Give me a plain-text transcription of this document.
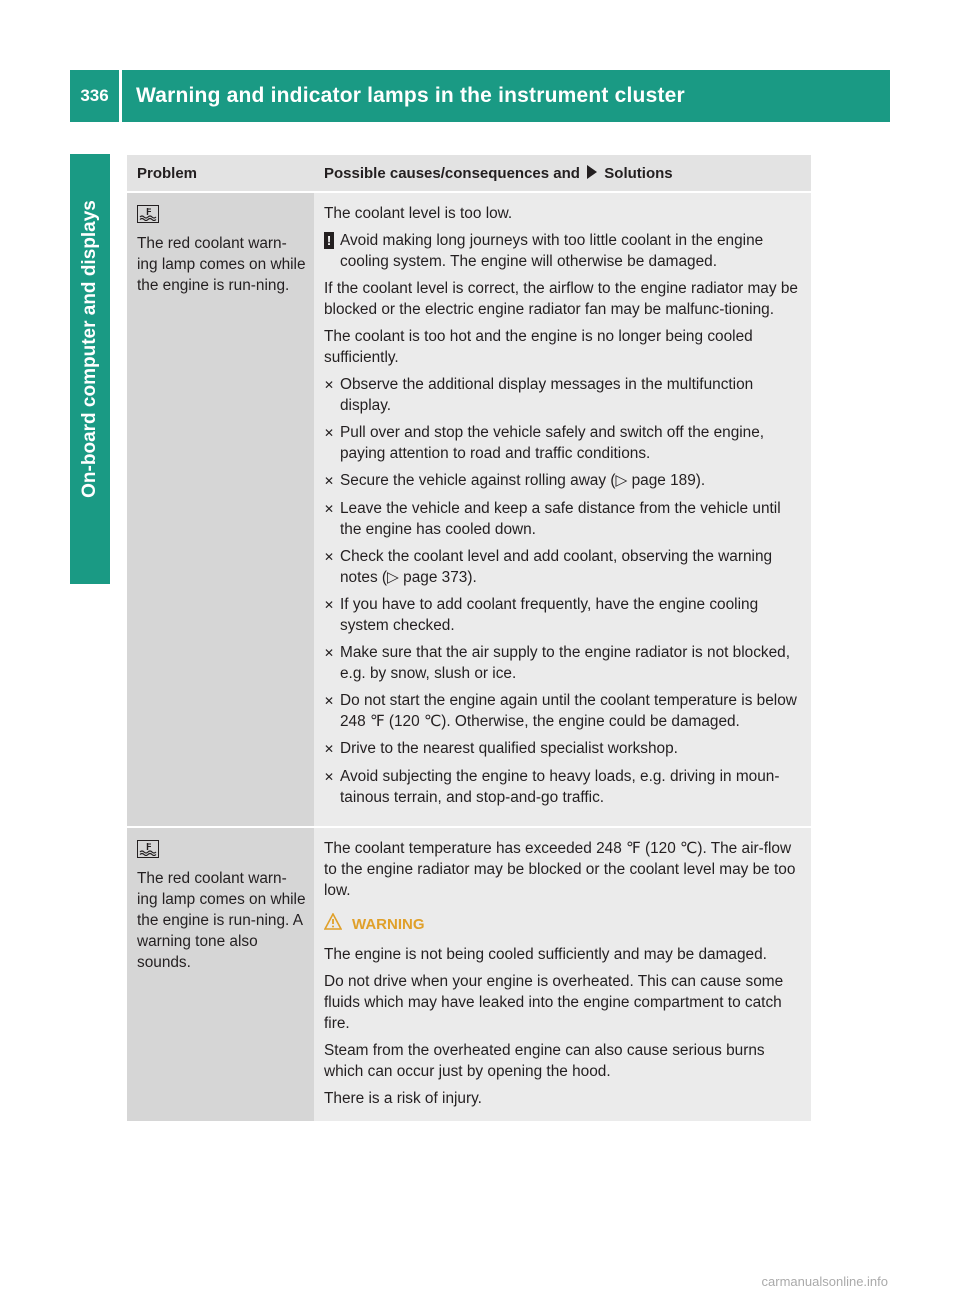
336	Warning and indicator lamps in the instrument cluster
On-board computer and displays
Problem	Possible causes/consequences and Solutions
The red coolant warn-ing lamp comes on while the engine is run-ning.

The coolant level is too low.

! Avoid making long journeys with too little coolant in the engine cooling system. The engine will otherwise be damaged.

If the coolant level is correct, the airflow to the engine radiator may be blocked or the electric engine radiator fan may be malfunc-tioning.

The coolant is too hot and the engine is no longer being cooled sufficiently.

✕ Observe the additional display messages in the multifunction display.
✕ Pull over and stop the vehicle safely and switch off the engine, paying attention to road and traffic conditions.
✕ Secure the vehicle against rolling away (▷ page 189).
✕ Leave the vehicle and keep a safe distance from the vehicle until the engine has cooled down.
✕ Check the coolant level and add coolant, observing the warning notes (▷ page 373).
✕ If you have to add coolant frequently, have the engine cooling system checked.
✕ Make sure that the air supply to the engine radiator is not blocked, e.g. by snow, slush or ice.
✕ Do not start the engine again until the coolant temperature is below 248 ℉ (120 ℃). Otherwise, the engine could be damaged.
✕ Drive to the nearest qualified specialist workshop.
✕ Avoid subjecting the engine to heavy loads, e.g. driving in moun-tainous terrain, and stop-and-go traffic.
The red coolant warn-ing lamp comes on while the engine is run-ning. A warning tone also sounds.

The coolant temperature has exceeded 248 ℉ (120 ℃). The air-flow to the engine radiator may be blocked or the coolant level may be too low.

WARNING

The engine is not being cooled sufficiently and may be damaged.

Do not drive when your engine is overheated. This can cause some fluids which may have leaked into the engine compartment to catch fire.

Steam from the overheated engine can also cause serious burns which can occur just by opening the hood.

There is a risk of injury.

carmanualsonline.info
